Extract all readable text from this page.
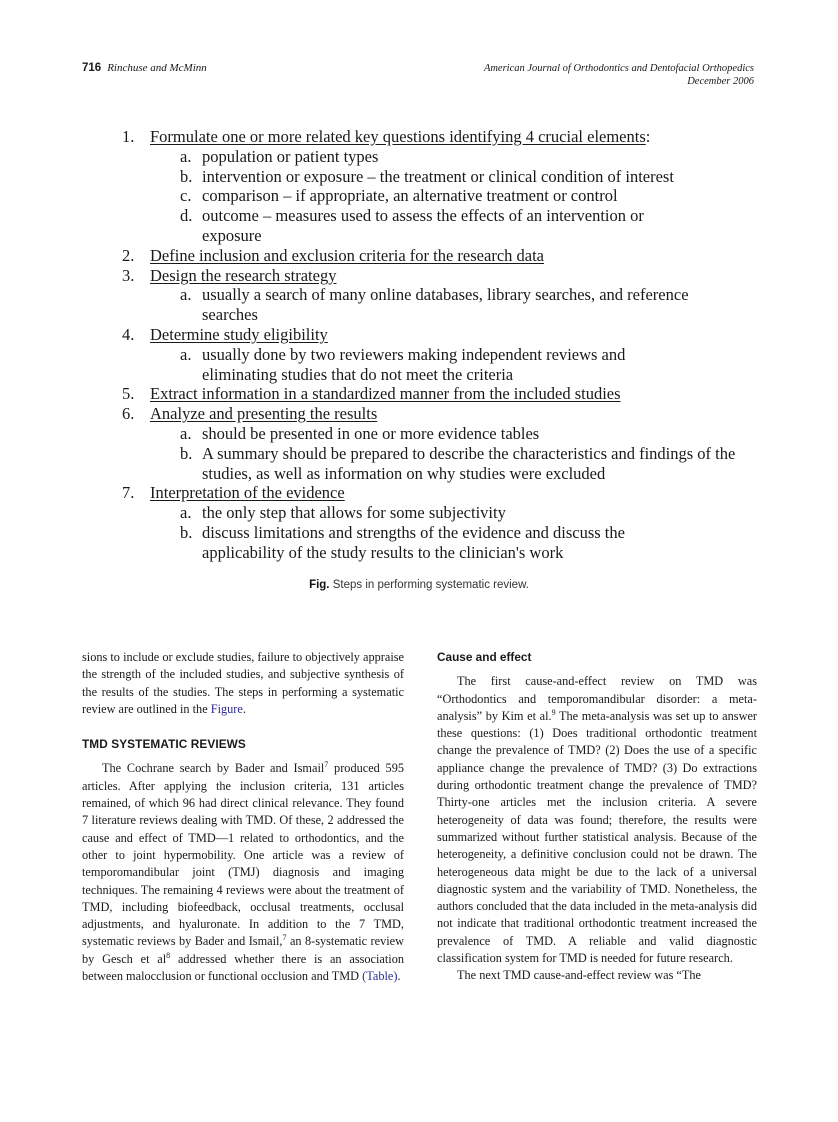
716 Rinchuse and McMinn	American Journal of Orthodontics and Dentofacial Orthopedics
December 2006
1. Formulate one or more related key questions identifying 4 crucial elements:
a. population or patient types
b. intervention or exposure – the treatment or clinical condition of interest
c. comparison – if appropriate, an alternative treatment or control
d. outcome – measures used to assess the effects of an intervention or exposure
2. Define inclusion and exclusion criteria for the research data
3. Design the research strategy
a. usually a search of many online databases, library searches, and reference searches
4. Determine study eligibility
a. usually done by two reviewers making independent reviews and eliminating studies that do not meet the criteria
5. Extract information in a standardized manner from the included studies
6. Analyze and presenting the results
a. should be presented in one or more evidence tables
b. A summary should be prepared to describe the characteristics and findings of the studies, as well as information on why studies were excluded
7. Interpretation of the evidence
a. the only step that allows for some subjectivity
b. discuss limitations and strengths of the evidence and discuss the applicability of the study results to the clinician's work
Fig. Steps in performing systematic review.

sions to include or exclude studies, failure to objectively appraise the strength of the included studies, and subjective synthesis of the results of the studies. The steps in performing a systematic review are outlined in the Figure.

TMD SYSTEMATIC REVIEWS

The Cochrane search by Bader and Ismail$^7$ produced 595 articles. After applying the inclusion criteria, 131 articles remained, of which 96 had direct clinical relevance. They found 7 literature reviews dealing with TMD. Of these, 2 addressed the cause and effect of TMD—1 related to orthodontics, and the other to joint hypermobility. One article was a review of temporomandibular joint (TMJ) diagnosis and imaging techniques. The remaining 4 reviews were about the treatment of TMD, including biofeedback, occlusal treatments, occlusal adjustments, and hyaluronate. In addition to the 7 TMD, systematic reviews by Bader and Ismail,$^7$ an 8-systematic review by Gesch et $al^8$ addressed whether there is an association between malocclusion or functional occlusion and TMD (Table).

Cause and effect

The first cause-and-effect review on TMD was “Orthodontics and temporomandibular disorder: a meta-analysis” by Kim et al.$^9$ The meta-analysis was set up to answer these questions: (1) Does traditional orthodontic treatment change the prevalence of TMD? (2) Does the use of a specific appliance change the prevalence of TMD? (3) Do extractions during orthodontic treatment change the prevalence of TMD? Thirty-one articles met the inclusion criteria. A severe heterogeneity of data was found; therefore, the results were summarized without further statistical analysis. Because of the heterogeneity, a definitive conclusion could not be drawn. The heterogeneous data might be due to the lack of a universal diagnostic system and the variability of TMD. Nonetheless, the authors concluded that the data included in the meta-analysis did not indicate that traditional orthodontic treatment increased the prevalence of TMD. A reliable and valid diagnostic classification system for TMD is needed for future research.

The next TMD cause-and-effect review was “The
